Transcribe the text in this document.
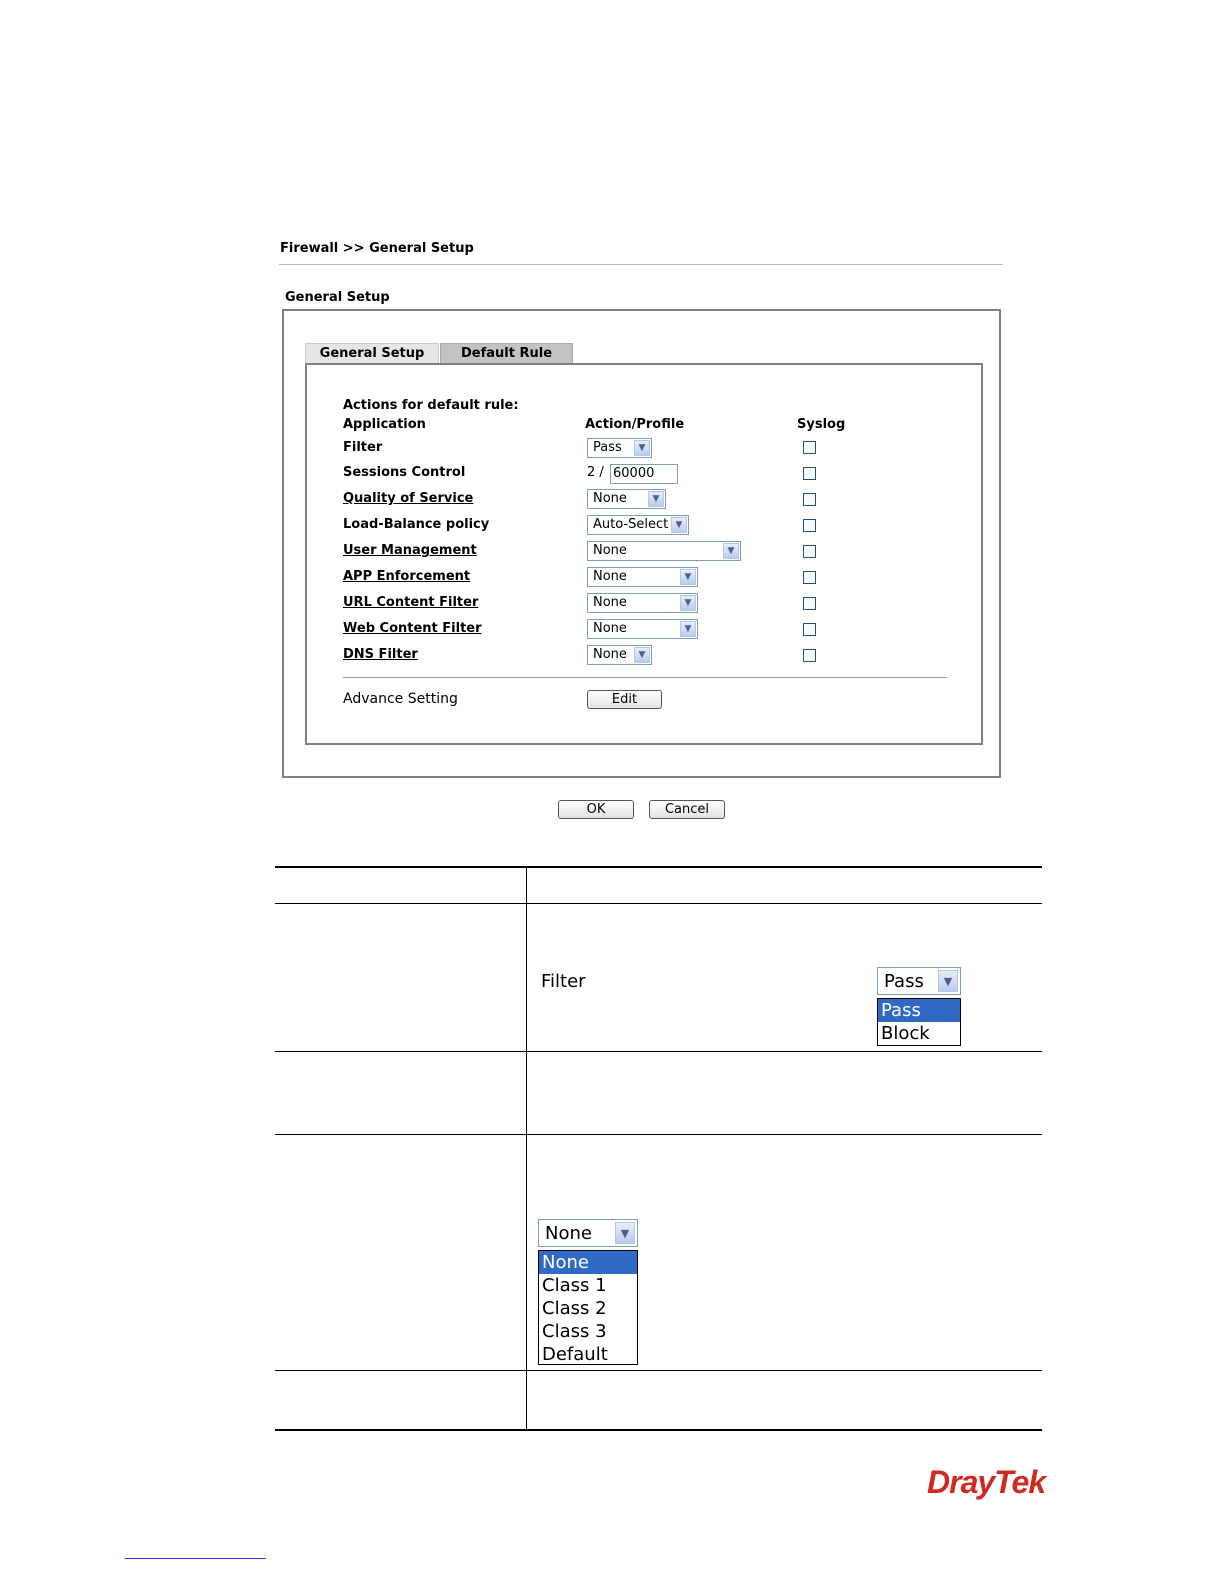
Firewall >> General Setup
General Setup
General Setup	Default Rule
Actions for default rule:
Application	Action/Profile	Syslog
Filter	Pass	▼
Sessions Control	2 / 60000
Quality of Service	None	▼
Load-Balance policy	Auto-Select ▼
User Management	None	▼
APP Enforcement	None	▼
URL Content Filter	None	▼
Web Content Filter	None	▼
DNS Filter	None	▼
Advance Setting	Edit
OK	Cancel
Filter	Pass	▼
Pass
Block
None	▼
None
Class 1
Class 2
Class 3
Default
DrayTek
